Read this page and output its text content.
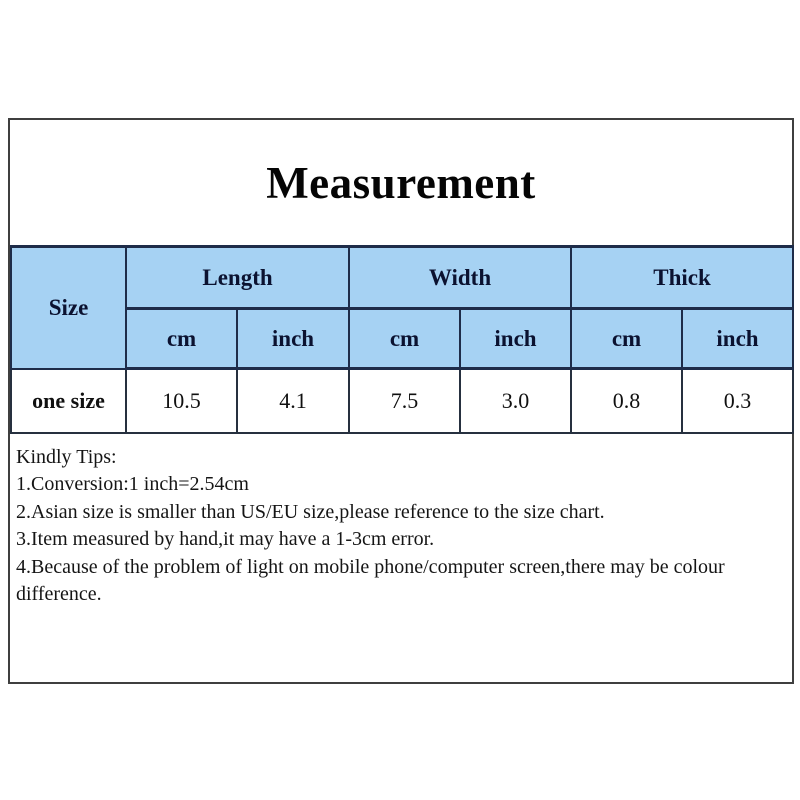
Measurement
Size	Length		Width		Thick	
	cm	inch	cm	inch	cm	inch
one size	10.5	4.1	7.5	3.0	0.8	0.3
Kindly Tips:
1.Conversion:1 inch=2.54cm
2.Asian size is smaller than US/EU size,please reference to the size chart.
3.Item measured by hand,it may have a 1-3cm error.
4.Because of the problem of light on mobile phone/computer screen,there may be colour difference.
